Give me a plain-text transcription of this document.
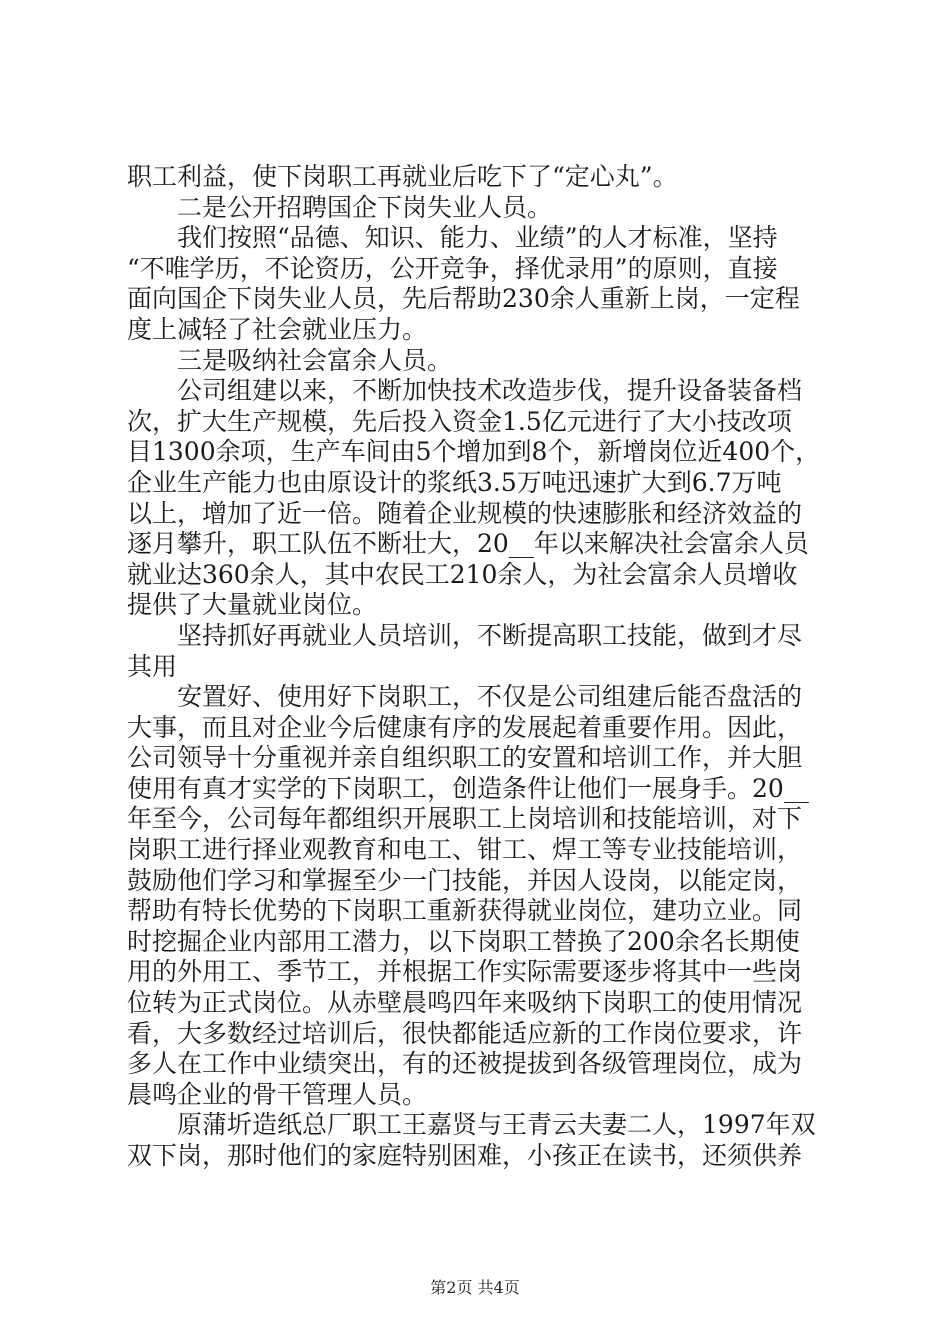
职工利益，使下岗职工再就业后吃下了“定心丸”。
二是公开招聘国企下岗失业人员。
我们按照“品德、知识、能力、业绩”的人才标准，坚持
“不唯学历，不论资历，公开竞争，择优录用”的原则，直接
面向国企下岗失业人员，先后帮助230余人重新上岗，一定程
度上减轻了社会就业压力。
三是吸纳社会富余人员。
公司组建以来，不断加快技术改造步伐，提升设备装备档
次，扩大生产规模，先后投入资金1.5亿元进行了大小技改项
目1300余项，生产车间由5个增加到8个，新增岗位近400个，
企业生产能力也由原设计的浆纸3.5万吨迅速扩大到6.7万吨
以上，增加了近一倍。随着企业规模的快速膨胀和经济效益的
逐月攀升，职工队伍不断壮大，20__年以来解决社会富余人员
就业达360余人，其中农民工210余人，为社会富余人员增收
提供了大量就业岗位。
坚持抓好再就业人员培训，不断提高职工技能，做到才尽
其用
安置好、使用好下岗职工，不仅是公司组建后能否盘活的
大事，而且对企业今后健康有序的发展起着重要作用。因此，
公司领导十分重视并亲自组织职工的安置和培训工作，并大胆
使用有真才实学的下岗职工，创造条件让他们一展身手。20__
年至今，公司每年都组织开展职工上岗培训和技能培训，对下
岗职工进行择业观教育和电工、钳工、焊工等专业技能培训，
鼓励他们学习和掌握至少一门技能，并因人设岗，以能定岗，
帮助有特长优势的下岗职工重新获得就业岗位，建功立业。同
时挖掘企业内部用工潜力，以下岗职工替换了200余名长期使
用的外用工、季节工，并根据工作实际需要逐步将其中一些岗
位转为正式岗位。从赤壁晨鸣四年来吸纳下岗职工的使用情况
看，大多数经过培训后，很快都能适应新的工作岗位要求，许
多人在工作中业绩突出，有的还被提拔到各级管理岗位，成为
晨鸣企业的骨干管理人员。
原蒲圻造纸总厂职工王嘉贤与王青云夫妻二人，1997年双
双下岗，那时他们的家庭特别困难，小孩正在读书，还须供养
第2页 共4页
